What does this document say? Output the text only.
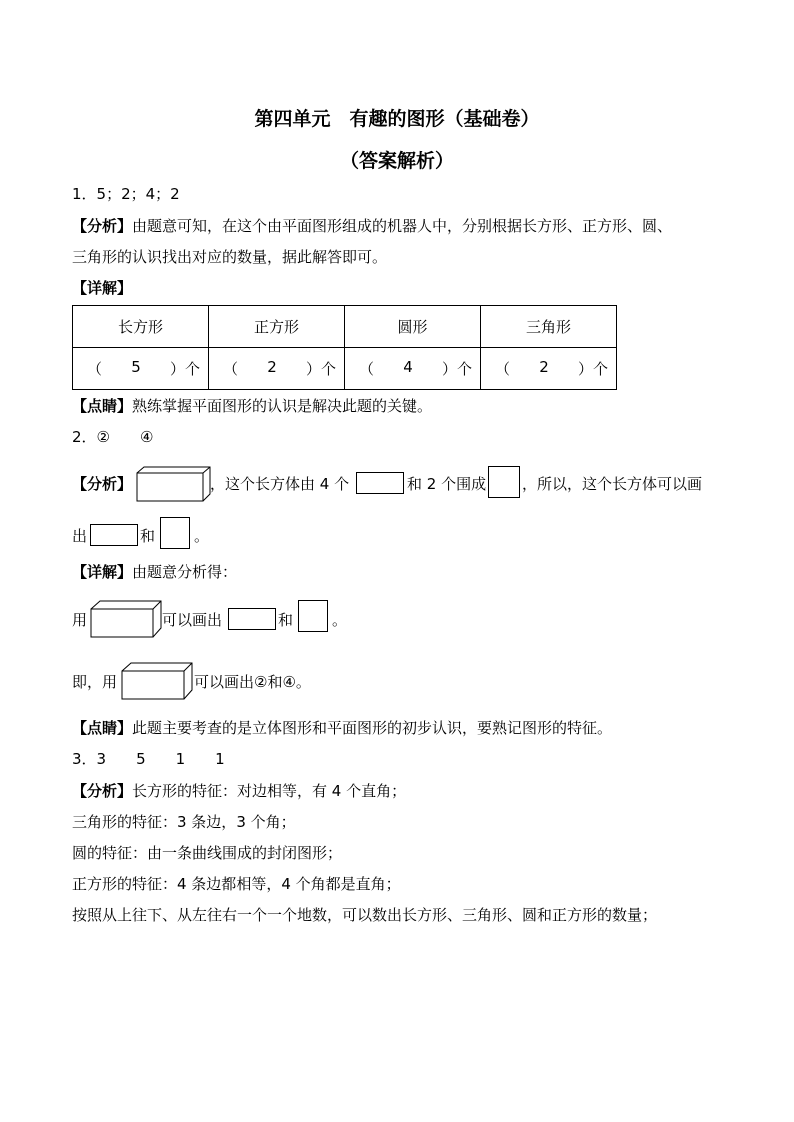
第四单元　有趣的图形（基础卷）
（答案解析）
1．5；2；4；2
【分析】由题意可知，在这个由平面图形组成的机器人中，分别根据长方形、正方形、圆、
三角形的认识找出对应的数量，据此解答即可。
【详解】
长方形	正方形	圆形	三角形

（ 5 ）个	（ 2 ）个	（ 4 ）个	（ 2 ）个
【点睛】熟练掌握平面图形的认识是解决此题的关键。
2．②　　④
【分析】	，这个长方体由 4 个	和 2 个围成 ，所以，这个长方体可以画
出	和	。
【详解】由题意分析得：
用	可以画出	和	。
即，用	可以画出②和④。
【点睛】此题主要考查的是立体图形和平面图形的初步认识，要熟记图形的特征。
3．3　　5　　1　　1
【分析】长方形的特征：对边相等，有 4 个直角；
三角形的特征：3 条边，3 个角；
圆的特征：由一条曲线围成的封闭图形；
正方形的特征：4 条边都相等，4 个角都是直角；
按照从上往下、从左往右一个一个地数，可以数出长方形、三角形、圆和正方形的数量；
